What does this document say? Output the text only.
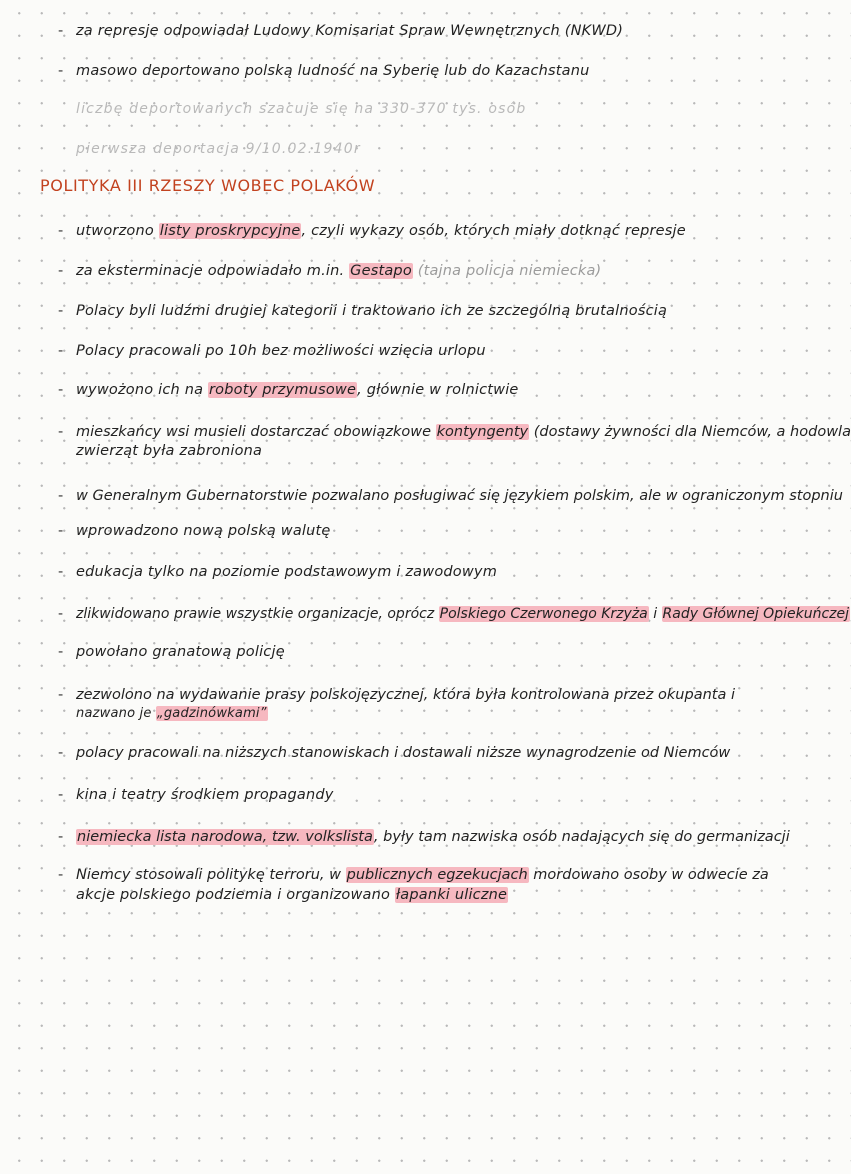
- za represje odpowiadał Ludowy Komisariat Spraw Wewnętrznych (NKWD)
- masowo deportowano polską ludność na Syberię lub do Kazachstanu
liczbę deportowanych szacuje się na 330-370 tys. osób
pierwsza deportacja 9/10.02.1940r
POLITYKA III RZESZY WOBEC POLAKÓW
- utworzono listy proskrypcyjne, czyli wykazy osób, których miały dotknąć represje
- za eksterminacje odpowiadało m.in. Gestapo (tajna policja niemiecka)
- Polacy byli ludźmi drugiej kategorii i traktowano ich ze szczególną brutalnością
- Polacy pracowali po 10h bez możliwości wzięcia urlopu
- wywożono ich na roboty przymusowe, głównie w rolnictwie
- mieszkańcy wsi musieli dostarczać obowiązkowe kontyngenty (dostawy żywności dla Niemców, a hodowla
zwierząt była zabroniona
- w Generalnym Gubernatorstwie pozwalano posługiwać się językiem polskim, ale w ograniczonym stopniu
- wprowadzono nową polską walutę
- edukacja tylko na poziomie podstawowym i zawodowym
- zlikwidowano prawie wszystkie organizacje, oprócz Polskiego Czerwonego Krzyża i Rady Głównej Opiekuńczej
- powołano granatową policję
- zezwolono na wydawanie prasy polskojęzycznej, która była kontrolowana przez okupanta i
nazwano je „gadzinówkami”
- polacy pracowali na niższych stanowiskach i dostawali niższe wynagrodzenie od Niemców
- kina i teatry środkiem propagandy
- niemiecka lista narodowa, tzw. volkslista, były tam nazwiska osób nadających się do germanizacji
- Niemcy stosowali politykę terroru, w publicznych egzekucjach mordowano osoby w odwecie za
akcje polskiego podziemia i organizowano łapanki uliczne
